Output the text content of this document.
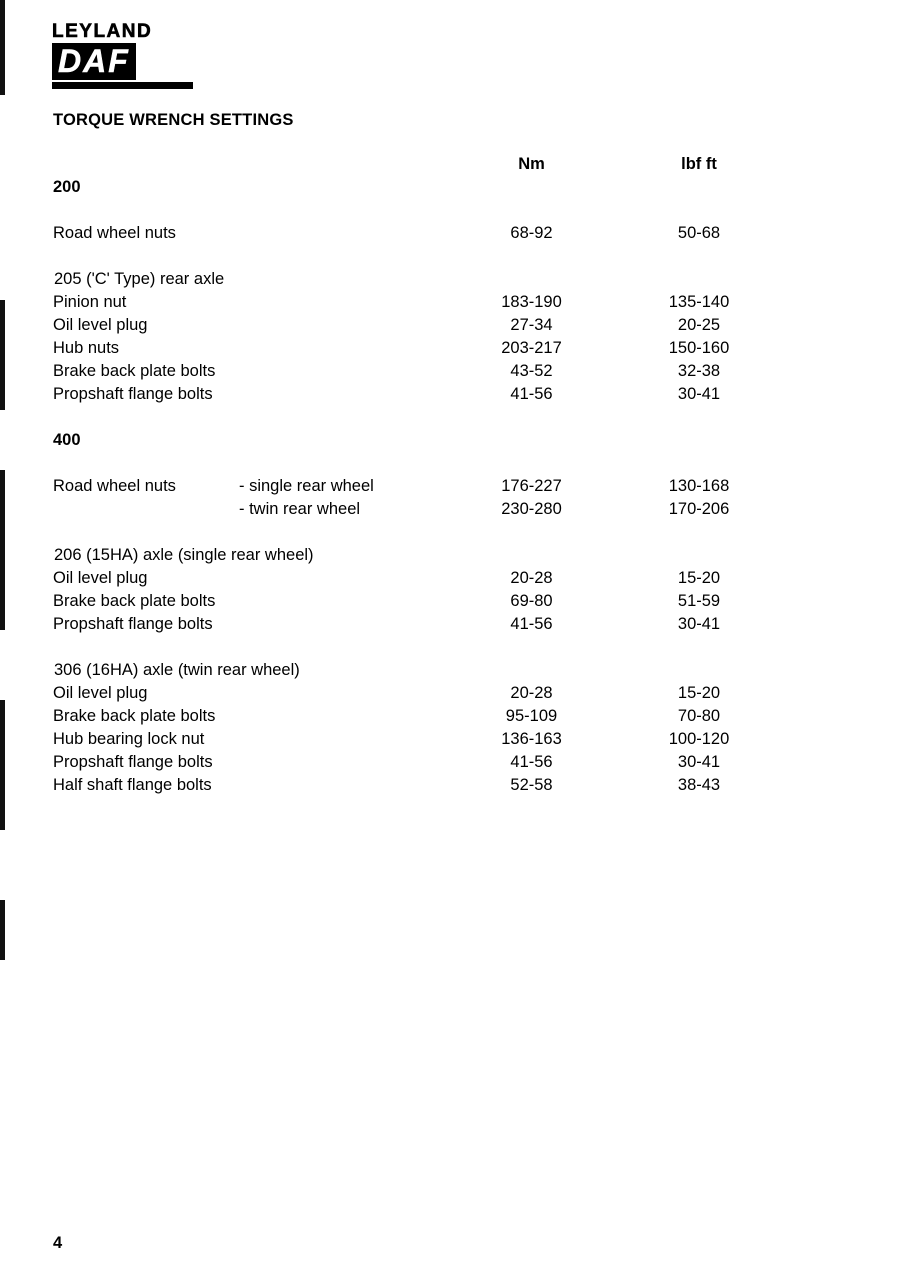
LEYLAND
DAF
TORQUE WRENCH SETTINGS
Nm	lbf ft
200
Road wheel nuts	68-92	50-68
205 ('C' Type) rear axle
Pinion nut	183-190	135-140
Oil level plug	27-34	20-25
Hub nuts	203-217	150-160
Brake back plate bolts	43-52	32-38
Propshaft flange bolts	41-56	30-41
400
Road wheel nuts	- single rear wheel	176-227	130-168
- twin rear wheel	230-280	170-206
206 (15HA) axle (single rear wheel)
Oil level plug	20-28	15-20
Brake back plate bolts	69-80	51-59
Propshaft flange bolts	41-56	30-41
306 (16HA) axle (twin rear wheel)
Oil level plug	20-28	15-20
Brake back plate bolts	95-109	70-80
Hub bearing lock nut	136-163	100-120
Propshaft flange bolts	41-56	30-41
Half shaft flange bolts	52-58	38-43
4
